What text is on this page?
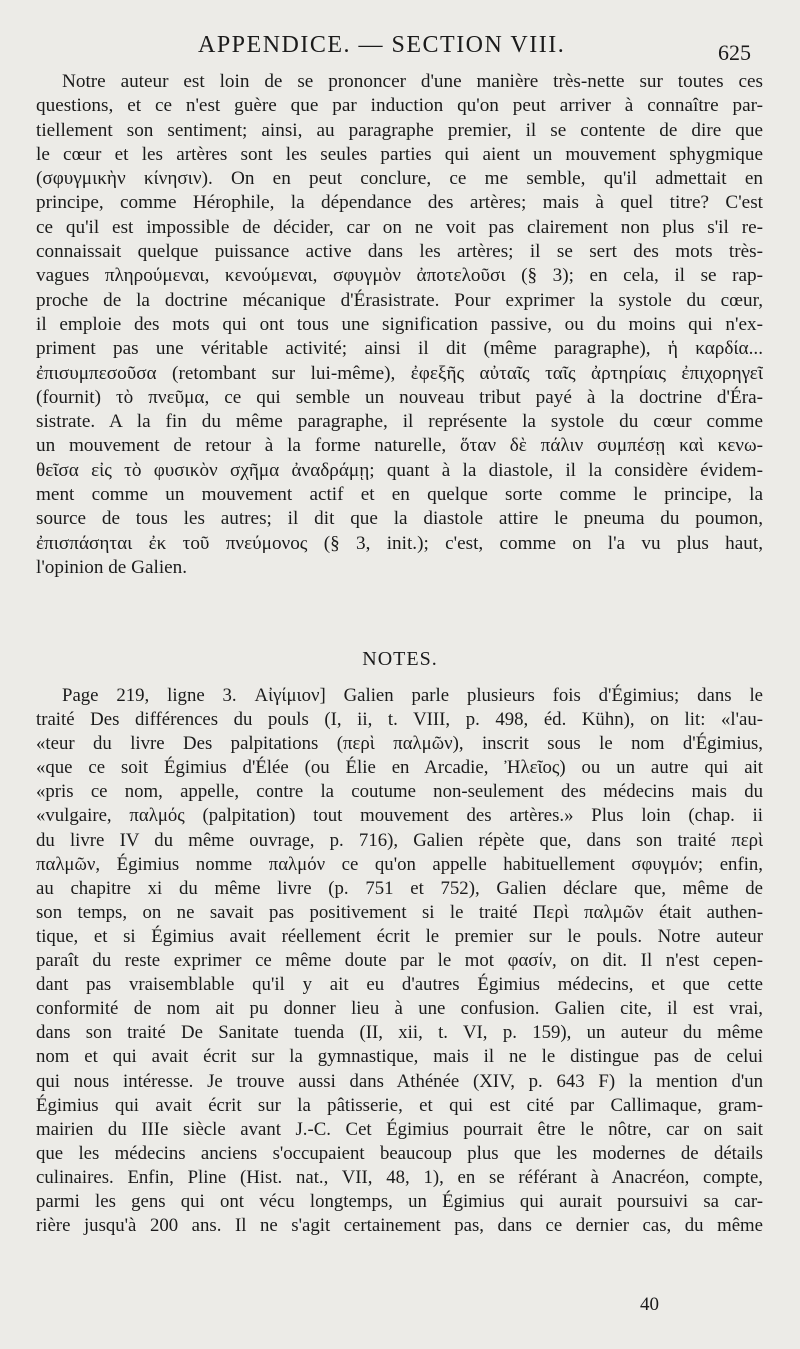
APPENDICE. — SECTION VIII.	625
Notre auteur est loin de se prononcer d'une manière très-nette sur toutes ces
questions, et ce n'est guère que par induction qu'on peut arriver à connaître par-
tiellement son sentiment; ainsi, au paragraphe premier, il se contente de dire que
le cœur et les artères sont les seules parties qui aient un mouvement sphygmique
(σφυγμικὴν κίνησιν). On en peut conclure, ce me semble, qu'il admettait en
principe, comme Hérophile, la dépendance des artères; mais à quel titre? C'est
ce qu'il est impossible de décider, car on ne voit pas clairement non plus s'il re-
connaissait quelque puissance active dans les artères; il se sert des mots très-
vagues πληρούμεναι, κενούμεναι, σφυγμὸν ἀποτελοῦσι (§ 3); en cela, il se rap-
proche de la doctrine mécanique d'Érasistrate. Pour exprimer la systole du cœur,
il emploie des mots qui ont tous une signification passive, ou du moins qui n'ex-
priment pas une véritable activité; ainsi il dit (même paragraphe), ἡ καρδία...
ἐπισυμπεσοῦσα (retombant sur lui-même), ἐφεξῆς αὐταῖς ταῖς ἀρτηρίαις ἐπιχορηγεῖ
(fournit) τὸ πνεῦμα, ce qui semble un nouveau tribut payé à la doctrine d'Éra-
sistrate. A la fin du même paragraphe, il représente la systole du cœur comme
un mouvement de retour à la forme naturelle, ὅταν δὲ πάλιν συμπέσῃ καὶ κενω-
θεῖσα εἰς τὸ φυσικὸν σχῆμα ἀναδράμῃ; quant à la diastole, il la considère évidem-
ment comme un mouvement actif et en quelque sorte comme le principe, la
source de tous les autres; il dit que la diastole attire le pneuma du poumon,
ἐπισπάσηται ἐκ τοῦ πνεύμονος (§ 3, init.); c'est, comme on l'a vu plus haut,
l'opinion de Galien.
NOTES.
Page 219, ligne 3. Αἰγίμιον] Galien parle plusieurs fois d'Égimius; dans le
traité Des différences du pouls (I, ii, t. VIII, p. 498, éd. Kühn), on lit: «l'au-
«teur du livre Des palpitations (περὶ παλμῶν), inscrit sous le nom d'Égimius,
«que ce soit Égimius d'Élée (ou Élie en Arcadie, Ἠλεῖος) ou un autre qui ait
«pris ce nom, appelle, contre la coutume non-seulement des médecins mais du
«vulgaire, παλμός (palpitation) tout mouvement des artères.» Plus loin (chap. ii
du livre IV du même ouvrage, p. 716), Galien répète que, dans son traité περὶ
παλμῶν, Égimius nomme παλμόν ce qu'on appelle habituellement σφυγμόν; enfin,
au chapitre xi du même livre (p. 751 et 752), Galien déclare que, même de
son temps, on ne savait pas positivement si le traité Περὶ παλμῶν était authen-
tique, et si Égimius avait réellement écrit le premier sur le pouls. Notre auteur
paraît du reste exprimer ce même doute par le mot φασίν, on dit. Il n'est cepen-
dant pas vraisemblable qu'il y ait eu d'autres Égimius médecins, et que cette
conformité de nom ait pu donner lieu à une confusion. Galien cite, il est vrai,
dans son traité De Sanitate tuenda (II, xii, t. VI, p. 159), un auteur du même
nom et qui avait écrit sur la gymnastique, mais il ne le distingue pas de celui
qui nous intéresse. Je trouve aussi dans Athénée (XIV, p. 643 F) la mention d'un
Égimius qui avait écrit sur la pâtisserie, et qui est cité par Callimaque, gram-
mairien du IIIe siècle avant J.-C. Cet Égimius pourrait être le nôtre, car on sait
que les médecins anciens s'occupaient beaucoup plus que les modernes de détails
culinaires. Enfin, Pline (Hist. nat., VII, 48, 1), en se référant à Anacréon, compte,
parmi les gens qui ont vécu longtemps, un Égimius qui aurait poursuivi sa car-
rière jusqu'à 200 ans. Il ne s'agit certainement pas, dans ce dernier cas, du même
40
